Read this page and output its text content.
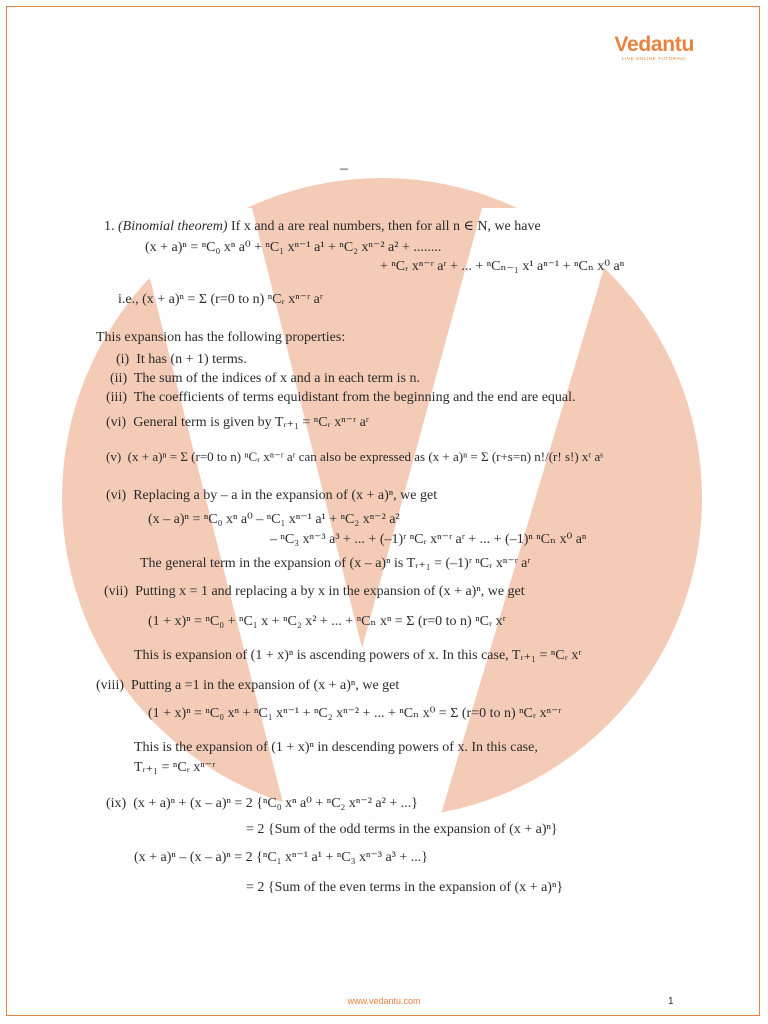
Vedantu
LIVE ONLINE TUTORING
–
1. (Binomial theorem) If x and a are real numbers, then for all n ∈ N, we have
(x + a)ⁿ = ⁿC₀ xⁿ a⁰ + ⁿC₁ xⁿ⁻¹ a¹ + ⁿC₂ xⁿ⁻² a² + ........
+ ⁿCᵣ xⁿ⁻ʳ aʳ + ... + ⁿCₙ₋₁ x¹ aⁿ⁻¹ + ⁿCₙ x⁰ aⁿ
i.e., (x + a)ⁿ = Σ (r=0 to n) ⁿCᵣ xⁿ⁻ʳ aʳ
This expansion has the following properties:
(i) It has (n + 1) terms.
(ii) The sum of the indices of x and a in each term is n.
(iii) The coefficients of terms equidistant from the beginning and the end are equal.
(vi) General term is given by Tᵣ₊₁ = ⁿCᵣ xⁿ⁻ʳ aʳ
(v) (x + a)ⁿ = Σ (r=0 to n) ⁿCᵣ xⁿ⁻ʳ aʳ can also be expressed as (x + a)ⁿ = Σ (r+s=n) n!/(r! s!) xʳ aˢ
(vi) Replacing a by – a in the expansion of (x + a)ⁿ, we get
(x – a)ⁿ = ⁿC₀ xⁿ a⁰ – ⁿC₁ xⁿ⁻¹ a¹ + ⁿC₂ xⁿ⁻² a²
– ⁿC₃ xⁿ⁻³ a³ + ... + (–1)ʳ ⁿCᵣ xⁿ⁻ʳ aʳ + ... + (–1)ⁿ ⁿCₙ x⁰ aⁿ
The general term in the expansion of (x – a)ⁿ is Tᵣ₊₁ = (–1)ʳ ⁿCᵣ xⁿ⁻ʳ aʳ
(vii) Putting x = 1 and replacing a by x in the expansion of (x + a)ⁿ, we get
(1 + x)ⁿ = ⁿC₀ + ⁿC₁ x + ⁿC₂ x² + ... + ⁿCₙ xⁿ = Σ (r=0 to n) ⁿCᵣ xʳ
This is expansion of (1 + x)ⁿ is ascending powers of x. In this case, Tᵣ₊₁ = ⁿCᵣ xʳ
(viii) Putting a =1 in the expansion of (x + a)ⁿ, we get
(1 + x)ⁿ = ⁿC₀ xⁿ + ⁿC₁ xⁿ⁻¹ + ⁿC₂ xⁿ⁻² + ... + ⁿCₙ x⁰ = Σ (r=0 to n) ⁿCᵣ xⁿ⁻ʳ
This is the expansion of (1 + x)ⁿ in descending powers of x. In this case,
Tᵣ₊₁ = ⁿCᵣ xⁿ⁻ʳ
(ix) (x + a)ⁿ + (x – a)ⁿ = 2 {ⁿC₀ xⁿ a⁰ + ⁿC₂ xⁿ⁻² a² + ...}
= 2 {Sum of the odd terms in the expansion of (x + a)ⁿ}
(x + a)ⁿ – (x – a)ⁿ = 2 {ⁿC₁ xⁿ⁻¹ a¹ + ⁿC₃ xⁿ⁻³ a³ + ...}
= 2 {Sum of the even terms in the expansion of (x + a)ⁿ}
www.vedantu.com	1
